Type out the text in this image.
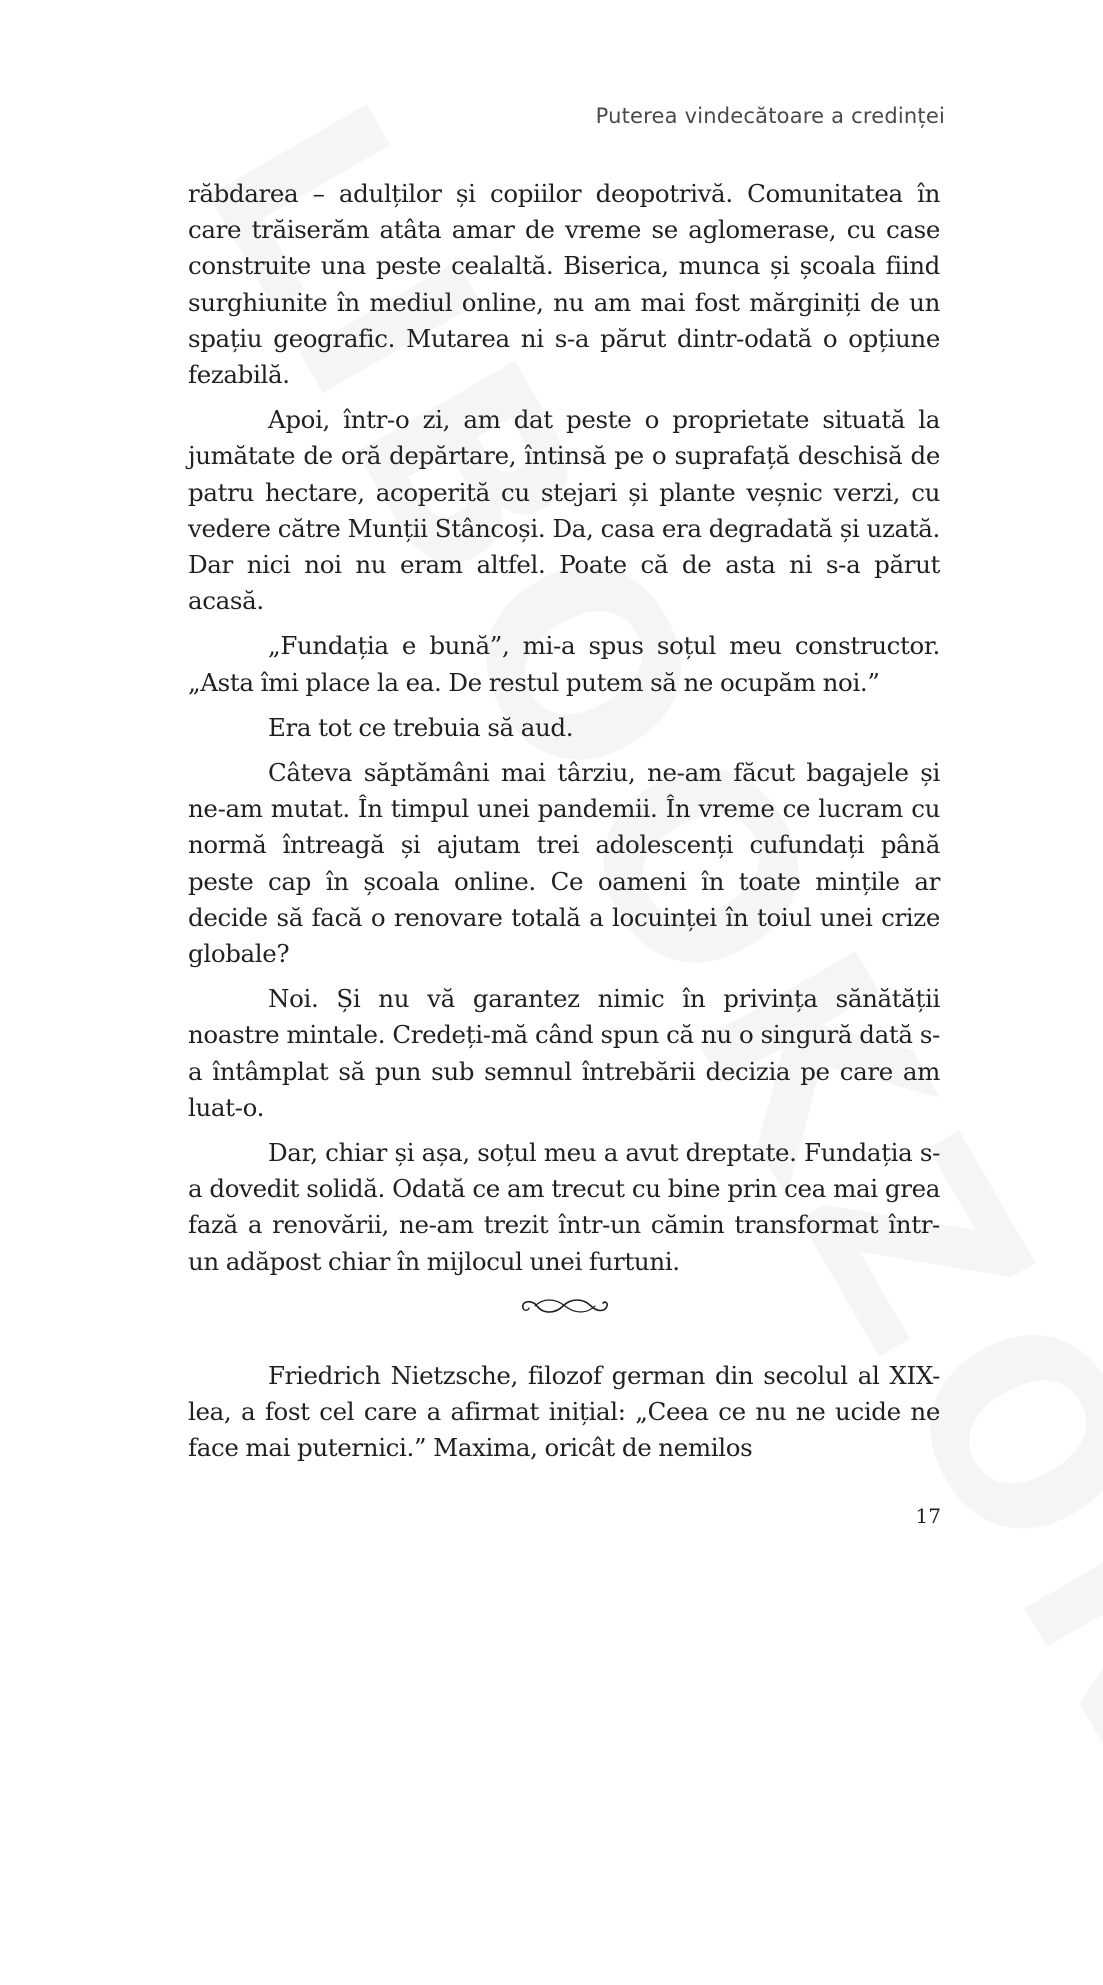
Puterea vindecătoare a credinței

răbdarea – adulților și copiilor deopotrivă. Comunitatea în care trăiserăm atâta amar de vreme se aglomerase, cu case construite una peste cealaltă. Biserica, munca și școala fiind surghiunite în mediul online, nu am mai fost mărginiți de un spațiu geografic. Mutarea ni s-a părut dintr-odată o opțiune fezabilă.

Apoi, într-o zi, am dat peste o proprietate situată la jumătate de oră depărtare, întinsă pe o suprafață deschisă de patru hectare, acoperită cu stejari și plante veșnic verzi, cu vedere către Munții Stâncoși. Da, casa era degradată și uzată. Dar nici noi nu eram altfel. Poate că de asta ni s-a părut acasă.

„Fundația e bună”, mi-a spus soțul meu constructor. „Asta îmi place la ea. De restul putem să ne ocupăm noi.”

Era tot ce trebuia să aud.

Câteva săptămâni mai târziu, ne-am făcut bagajele și ne-am mutat. În timpul unei pandemii. În vreme ce lucram cu normă întreagă și ajutam trei adolescenți cufundați până peste cap în școala online. Ce oameni în toate mințile ar decide să facă o renovare totală a locuinței în toiul unei crize globale?

Noi. Și nu vă garantez nimic în privința sănătății noastre mintale. Credeți-mă când spun că nu o singură dată s-a întâmplat să pun sub semnul întrebării decizia pe care am luat-o.

Dar, chiar și așa, soțul meu a avut dreptate. Fundația s-a dovedit solidă. Odată ce am trecut cu bine prin cea mai grea fază a renovării, ne-am trezit într-un cămin transformat într-un adăpost chiar în mijlocul unei furtuni.

Friedrich Nietzsche, filozof german din secolul al XIX-lea, a fost cel care a afirmat inițial: „Ceea ce nu ne ucide ne face mai puternici.” Maxima, oricât de nemilos

17
